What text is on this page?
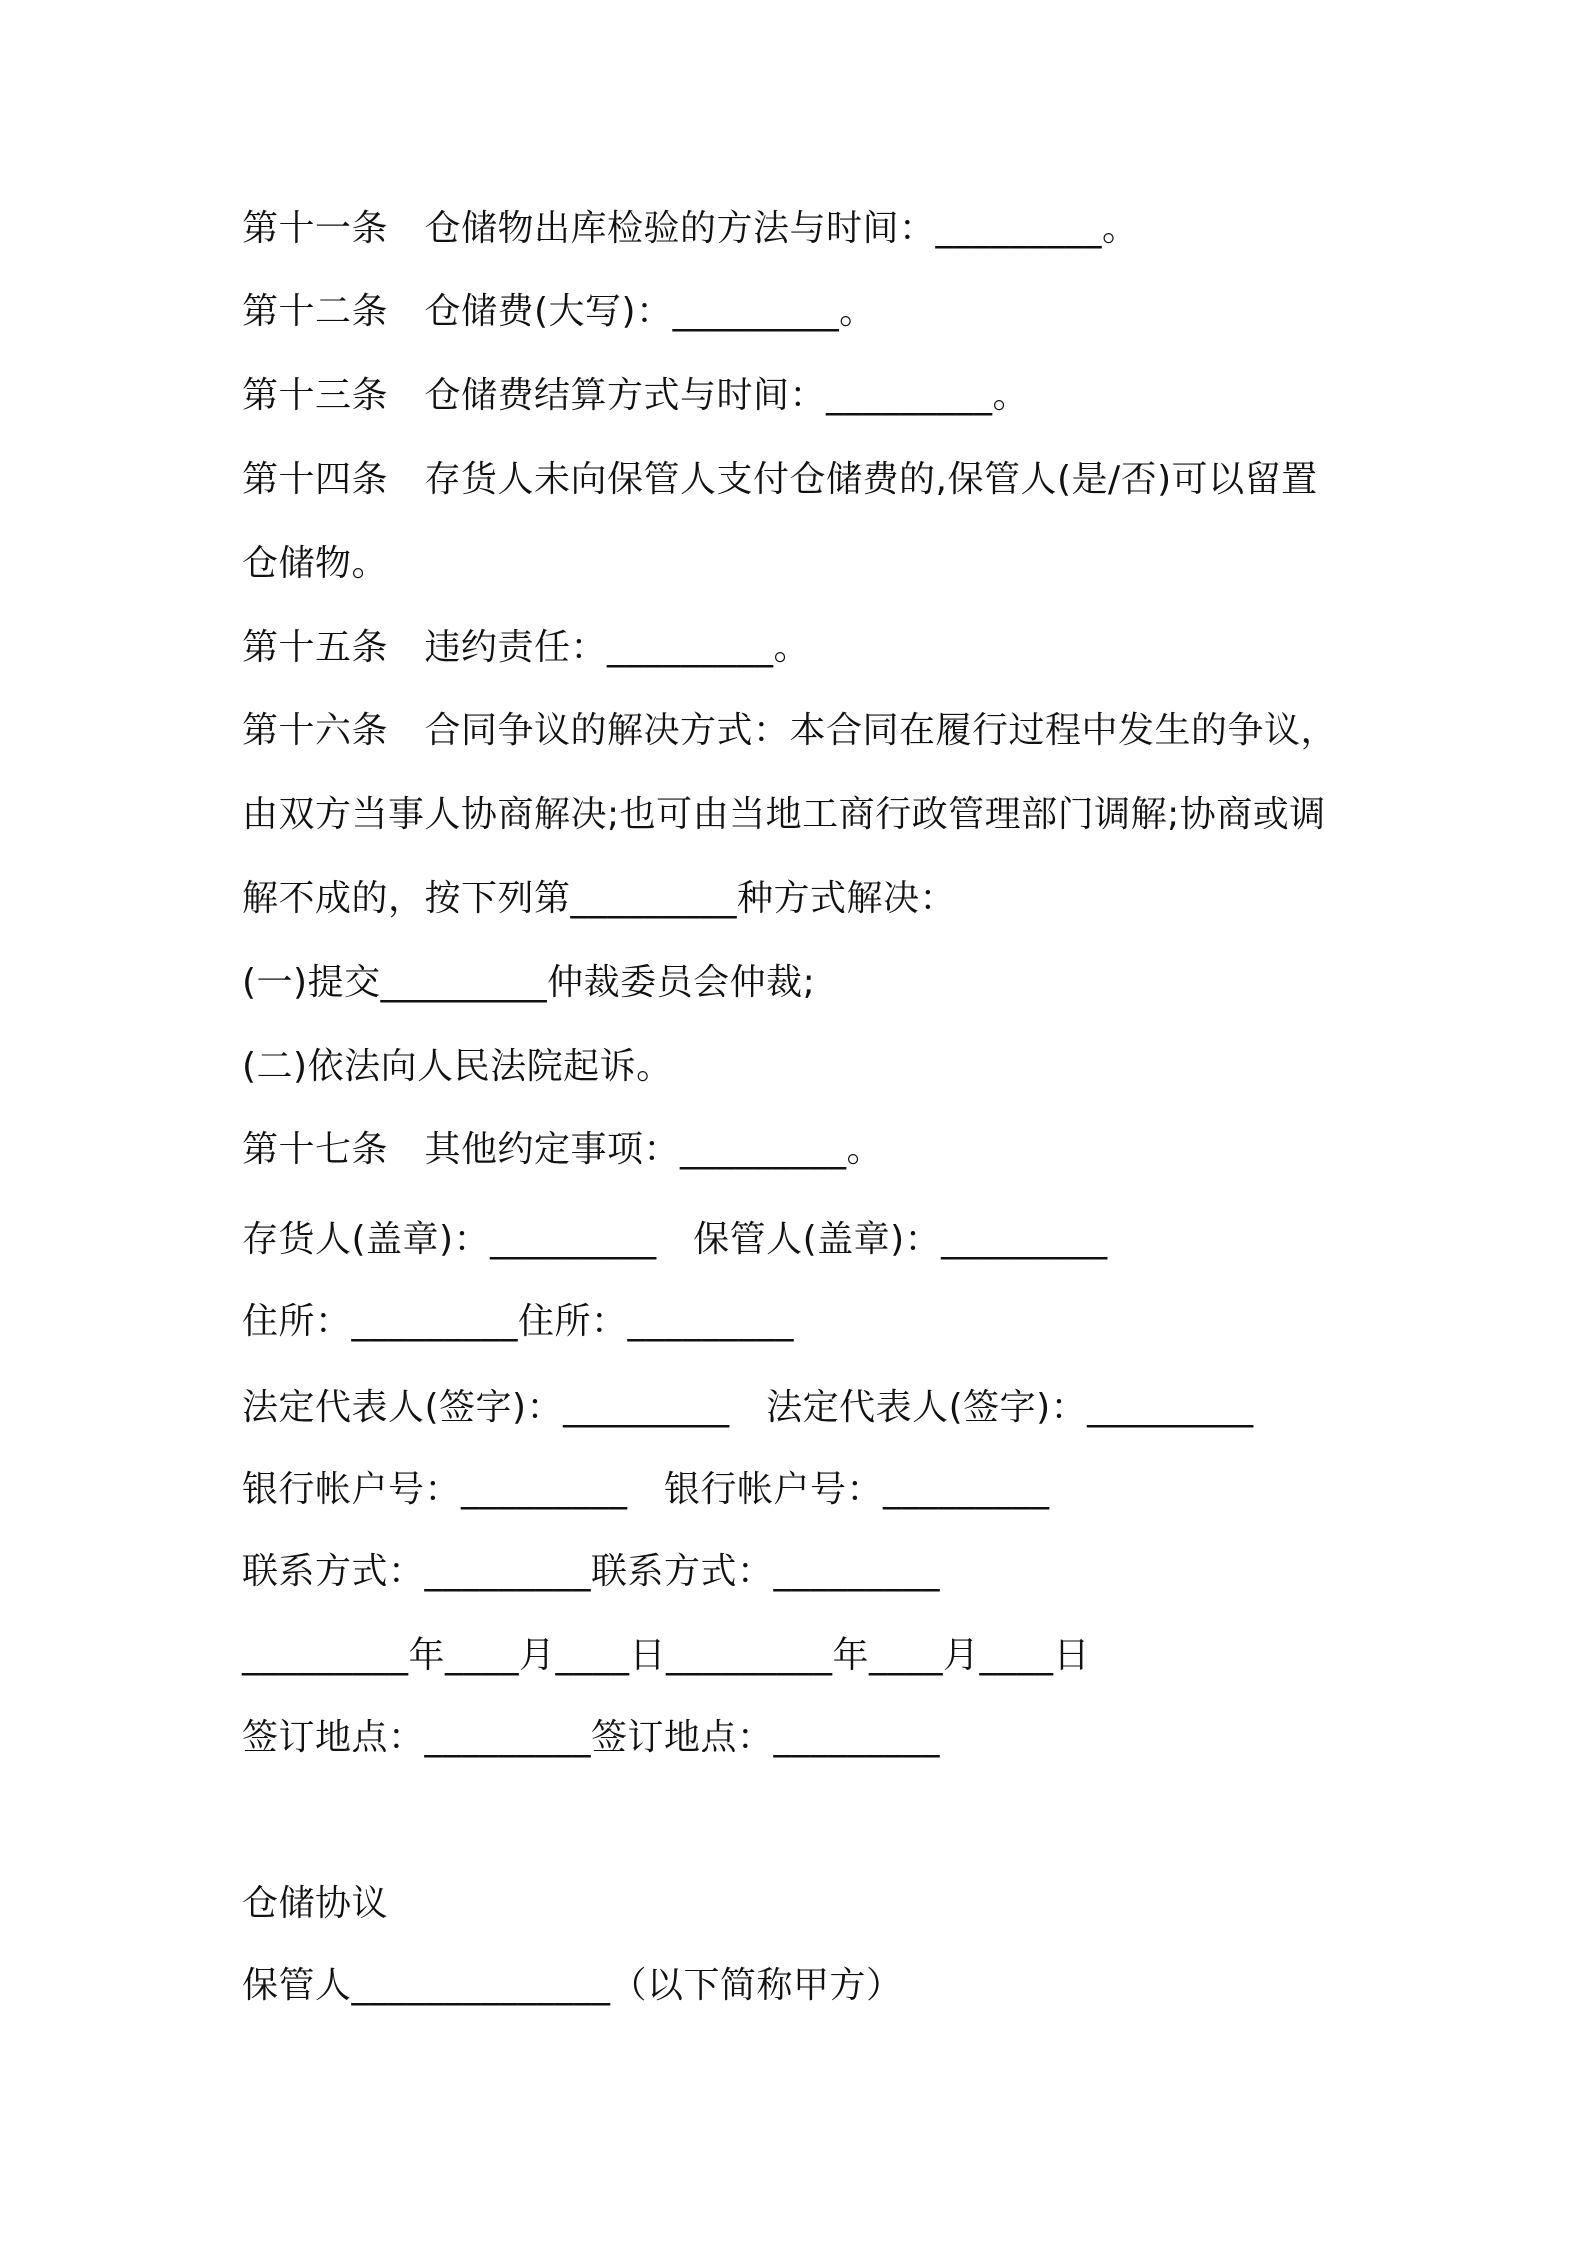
第十一条　仓储物出库检验的方法与时间：_________。
第十二条　仓储费(大写)：_________。
第十三条　仓储费结算方式与时间：_________。
第十四条　存货人未向保管人支付仓储费的,保管人(是/否)可以留置
仓储物。
第十五条　违约责任：_________。
第十六条　合同争议的解决方式：本合同在履行过程中发生的争议，
由双方当事人协商解决;也可由当地工商行政管理部门调解;协商或调
解不成的，按下列第_________种方式解决：
(一)提交_________仲裁委员会仲裁;
(二)依法向人民法院起诉。
第十七条　其他约定事项：_________。
存货人(盖章)：_________　保管人(盖章)：_________
住所：_________住所：_________
法定代表人(签字)：_________　法定代表人(签字)：_________
银行帐户号：_________　银行帐户号：_________
联系方式：_________联系方式：_________
_________年____月____日_________年____月____日
签订地点：_________签订地点：_________
仓储协议
保管人______________（以下简称甲方）
